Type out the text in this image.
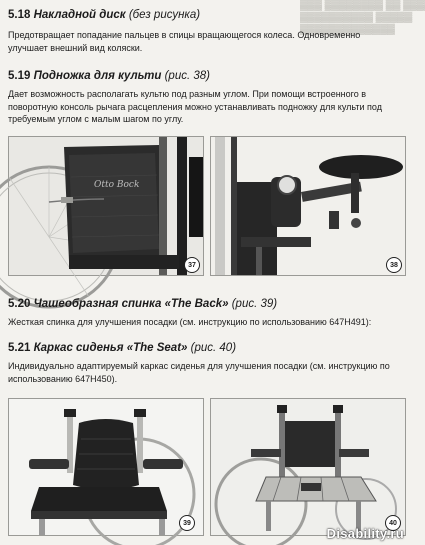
▓▓▓ ▓▓▓▓▓▓▓▓ ▓▓ ▓▓▓
▓▓▓▓▓▓▓▓▓▓ ▓▓▓▓▓
▓▓▓▓▓▓▓▓▓▓▓▓▓
5.18 Накладной диск (без рисунка)
Предотвращает попадание пальцев в спицы вращающегося колеса. Одновременно улучшает внешний вид коляски.
5.19 Подножка для культи (рис. 38)
Дает возможность располагать культю под разным углом. При помощи встроенного в поворотную консоль рычага расцепления можно устанавливать подножку для культи под требуемым углом с малым шагом по углу.
Otto Bock
37	38
5.20 Чашеобразная спинка «The Back» (рис. 39)
Жесткая спинка для улучшения посадки (см. инструкцию по использованию 647Н491):
5.21 Каркас сиденья «The Seat» (рис. 40)
Индивидуально адаптируемый каркас сиденья для улучшения посадки (см. инструкцию по использованию 647Н450).
39	40
Disability.ru
